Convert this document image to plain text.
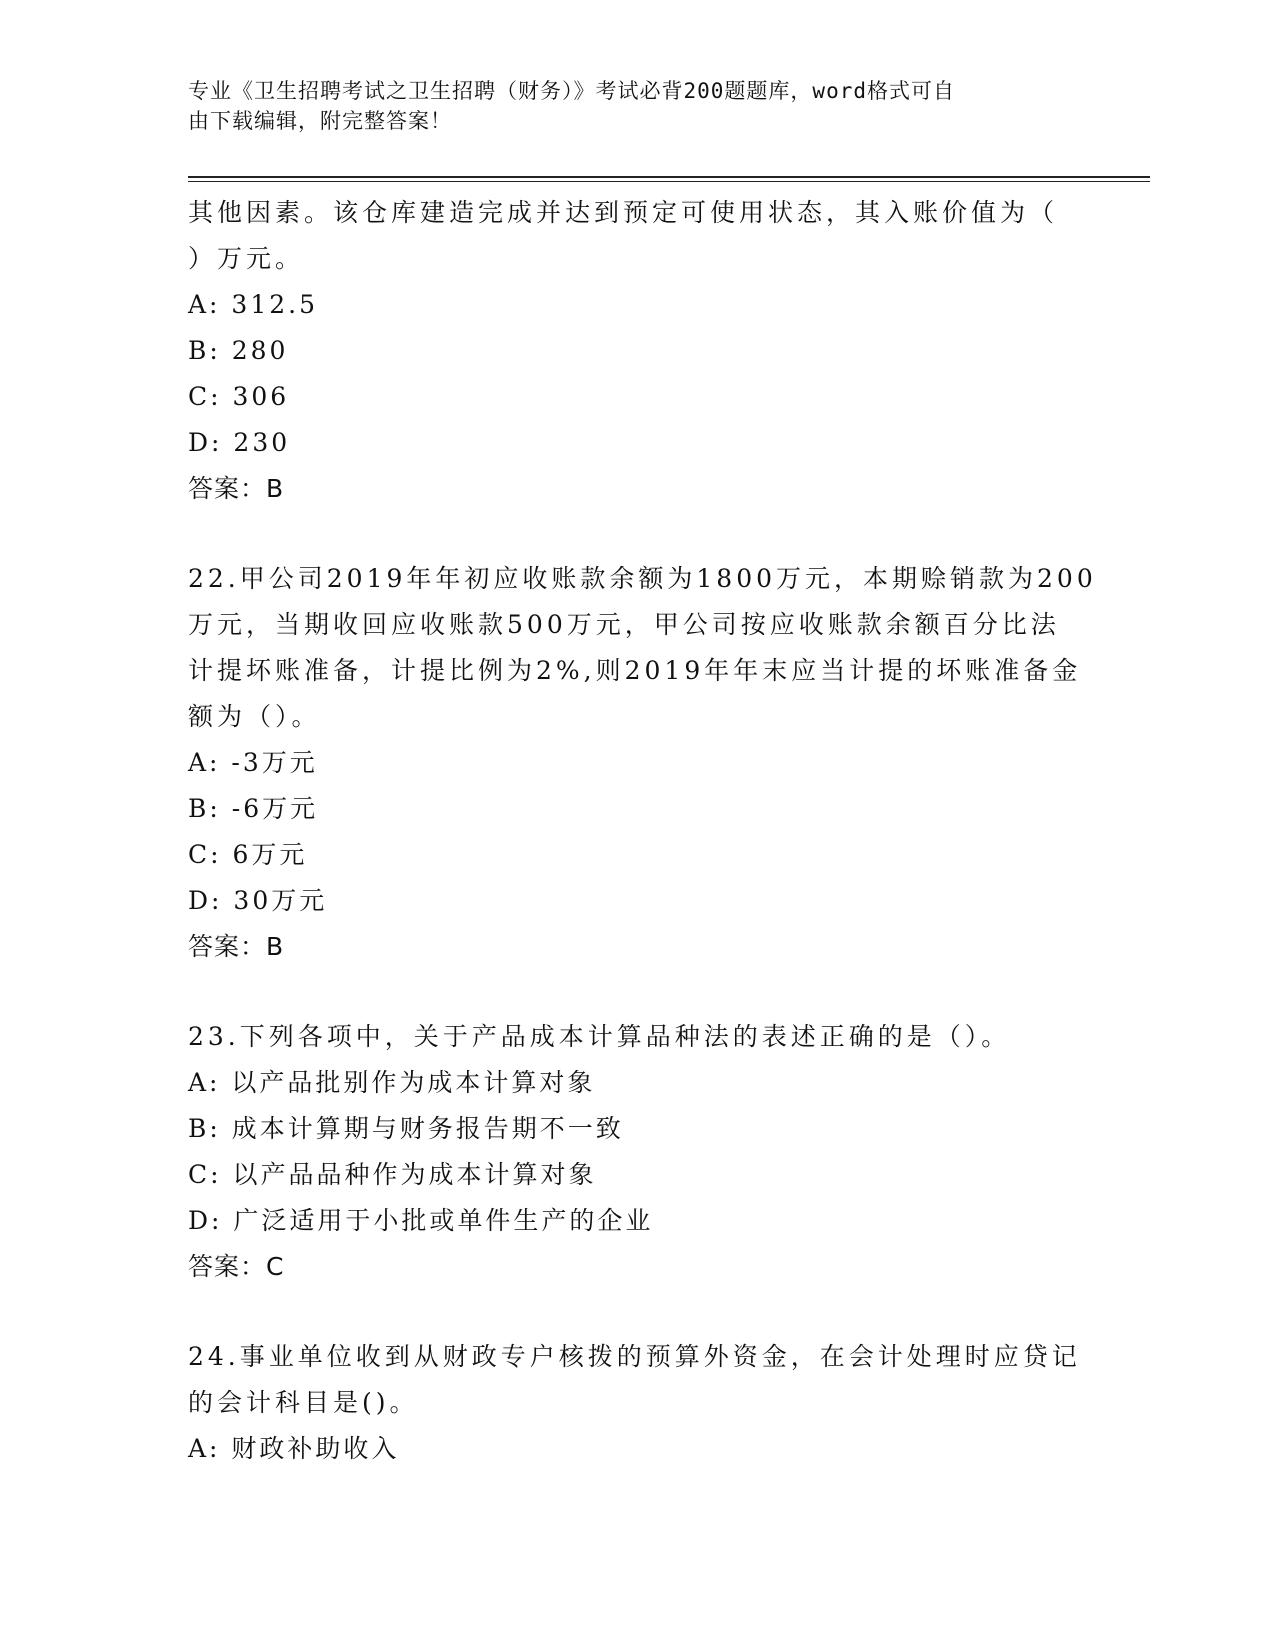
专业《卫生招聘考试之卫生招聘（财务）》考试必背200题题库，word格式可自
由下载编辑，附完整答案！

其他因素。该仓库建造完成并达到预定可使用状态，其入账价值为（

）万元。

A: 312.5

B: 280

C: 306

D: 230

答案：B

22.甲公司2019年年初应收账款余额为1800万元，本期赊销款为200

万元，当期收回应收账款500万元，甲公司按应收账款余额百分比法

计提坏账准备，计提比例为2%,则2019年年末应当计提的坏账准备金

额为（）。

A: -3万元

B: -6万元

C: 6万元

D: 30万元

答案：B

23.下列各项中，关于产品成本计算品种法的表述正确的是（）。

A: 以产品批别作为成本计算对象

B: 成本计算期与财务报告期不一致

C: 以产品品种作为成本计算对象

D: 广泛适用于小批或单件生产的企业

答案：C

24.事业单位收到从财政专户核拨的预算外资金，在会计处理时应贷记

的会计科目是()。

A: 财政补助收入
